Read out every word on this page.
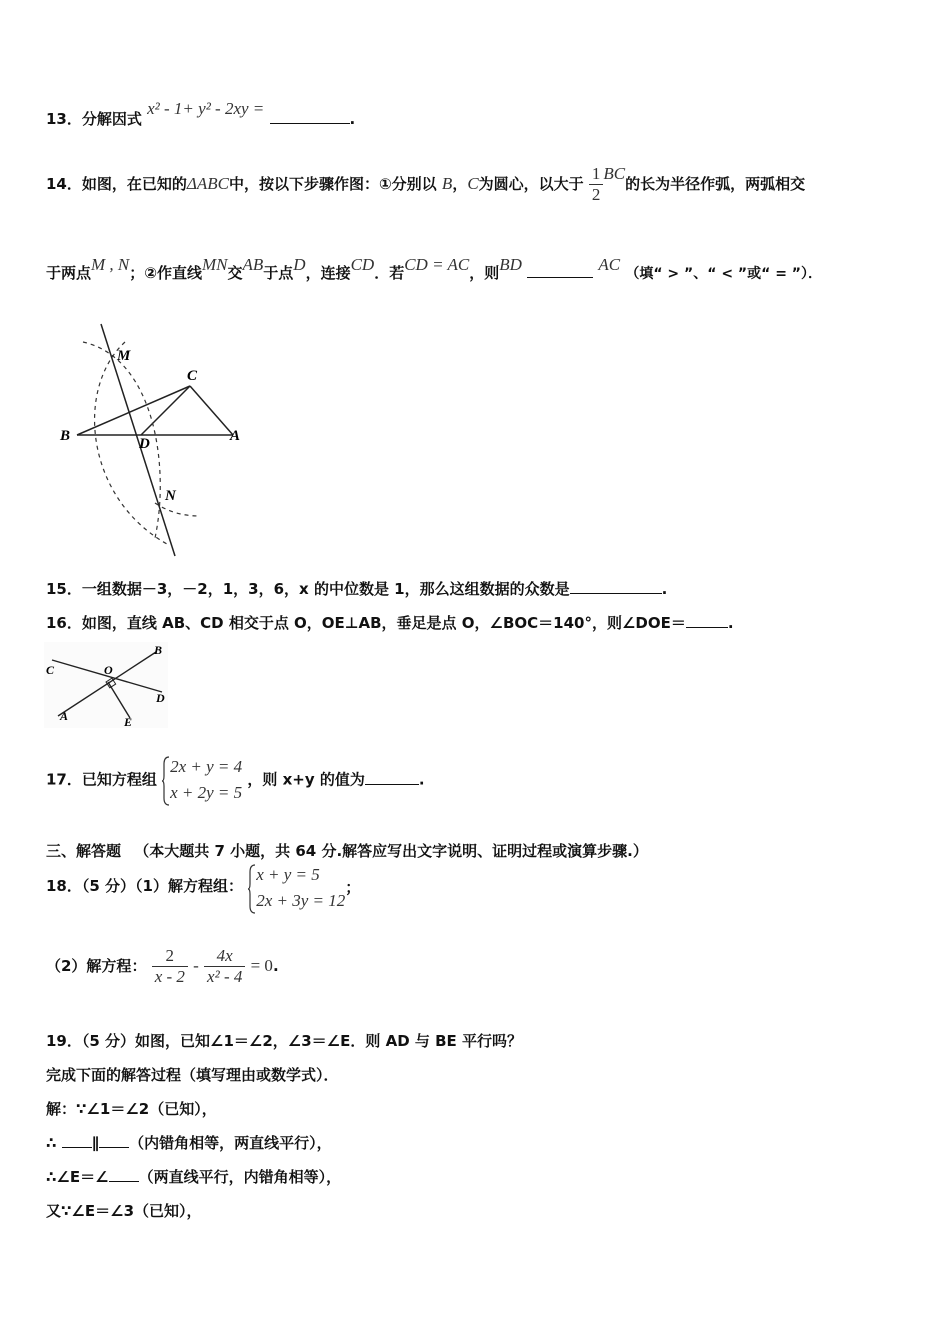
13．分解因式 x² - 1+ y² - 2xy = .
14．如图，在已知的ΔABC中，按以下步骤作图：①分别以 B，C为圆心，以大于 $\frac{1}{2}$ BC的长为半径作弧，两弧相交
于两点M , N；②作直线MN交AB于点D，连接CD．若CD = AC，则BD	AC （填“ > ”、“ < ”或“ = ”）．
M
C
B	D	A
N
15．一组数据－3，－2，1，3，6，x 的中位数是 1，那么这组数据的众数是	.
16．如图，直线 AB、CD 相交于点 O，OE⊥AB，垂足是点 O，∠BOC＝140°，则∠DOE＝	.
B
C	O
D
A	E
17．已知方程组
2x + y = 4
x + 2y = 5
，则 x+y 的值为	.
三、解答题 （本大题共 7 小题，共 64 分.解答应写出文字说明、证明过程或演算步骤.）
18．（5 分）（1）解方程组：
x + y = 5
2x + 3y = 12
；
（2）解方程： $\frac{2}{x - 2} - \frac{4x}{\text{x² - 4}} = 0$.
19．（5 分）如图，已知∠1＝∠2，∠3＝∠E．则 AD 与 BE 平行吗？
完成下面的解答过程（填写理由或数学式）．
解：∵∠1＝∠2（已知），
∴ ∥ （内错角相等，两直线平行），
∴∠E＝∠ （两直线平行，内错角相等），
又∵∠E＝∠3（已知），
